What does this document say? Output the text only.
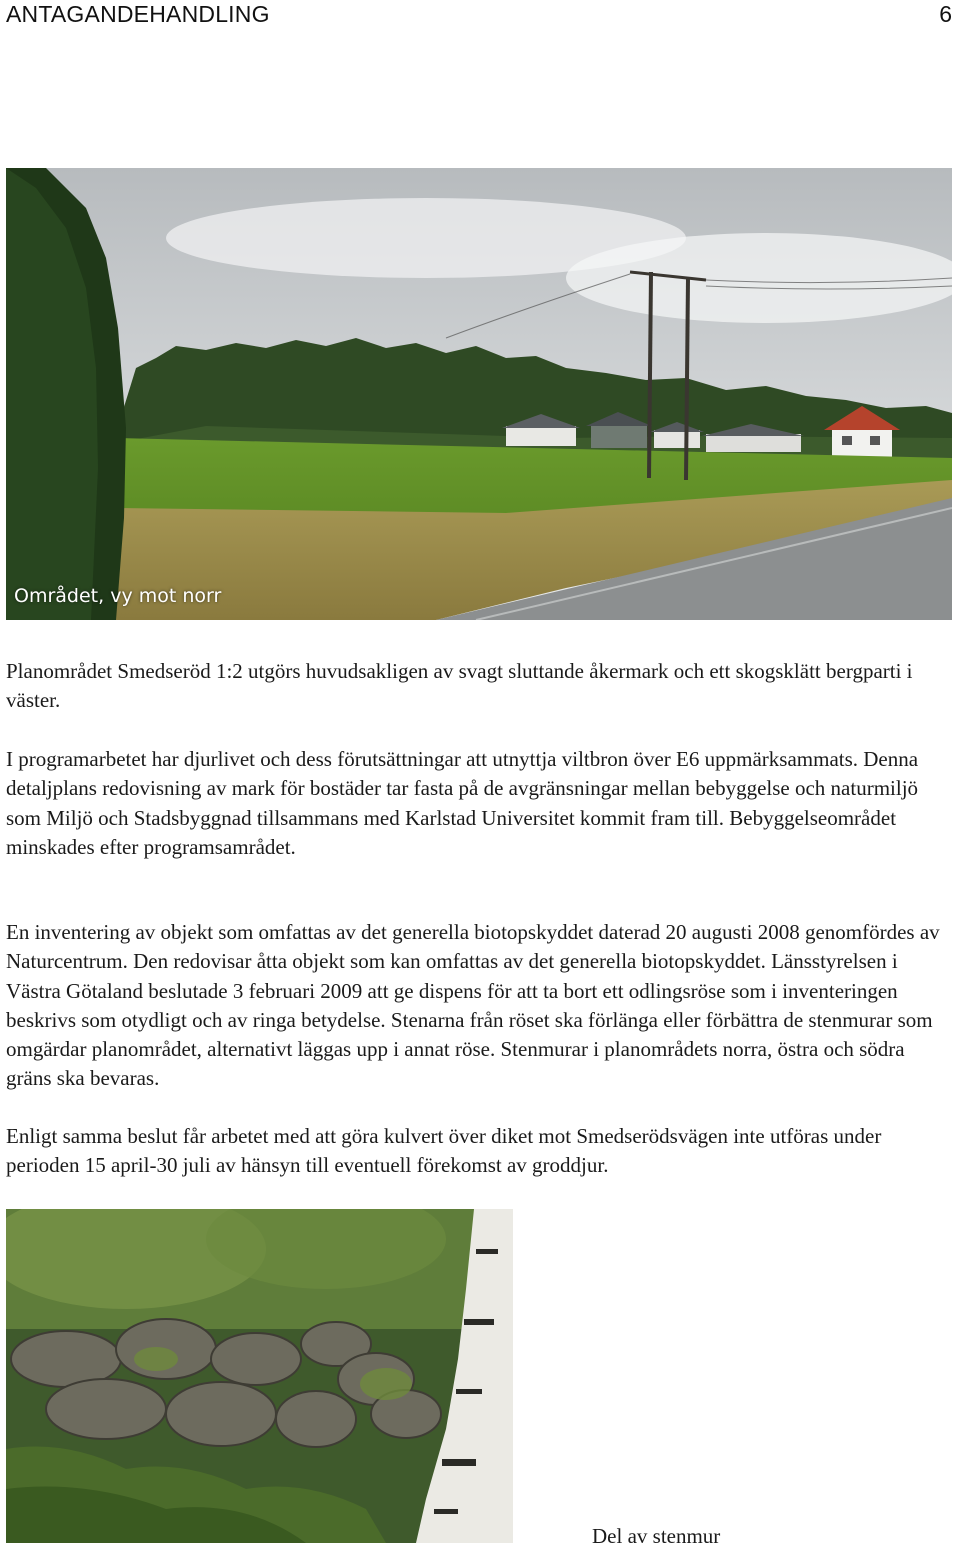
ANTAGANDEHANDLING	6
Området, vy mot norr

Planområdet Smedseröd 1:2 utgörs huvudsakligen av svagt sluttande åkermark och ett skogsklätt bergparti i väster.

I programarbetet har djurlivet och dess förutsättningar att utnyttja viltbron över E6 uppmärksammats. Denna detaljplans redovisning av mark för bostäder tar fasta på de avgränsningar mellan bebyggelse och naturmiljö som Miljö och Stadsbyggnad tillsammans med Karlstad Universitet kommit fram till. Bebyggelseområdet minskades efter programsamrådet.

En inventering av objekt som omfattas av det generella biotopskyddet daterad 20 augusti 2008 genomfördes av Naturcentrum. Den redovisar åtta objekt som kan omfattas av det generella biotopskyddet. Länsstyrelsen i Västra Götaland beslutade 3 februari 2009 att ge dispens för att ta bort ett odlingsröse som i inventeringen beskrivs som otydligt och av ringa betydelse. Stenarna från röset ska förlänga eller förbättra de stenmurar som omgärdar planområdet, alternativt läggas upp i annat röse. Stenmurar i planområdets norra, östra och södra gräns ska bevaras.

Enligt samma beslut får arbetet med att göra kulvert över diket mot Smedserödsvägen inte utföras under perioden 15 april-30 juli av hänsyn till eventuell förekomst av groddjur.

Del av stenmur
